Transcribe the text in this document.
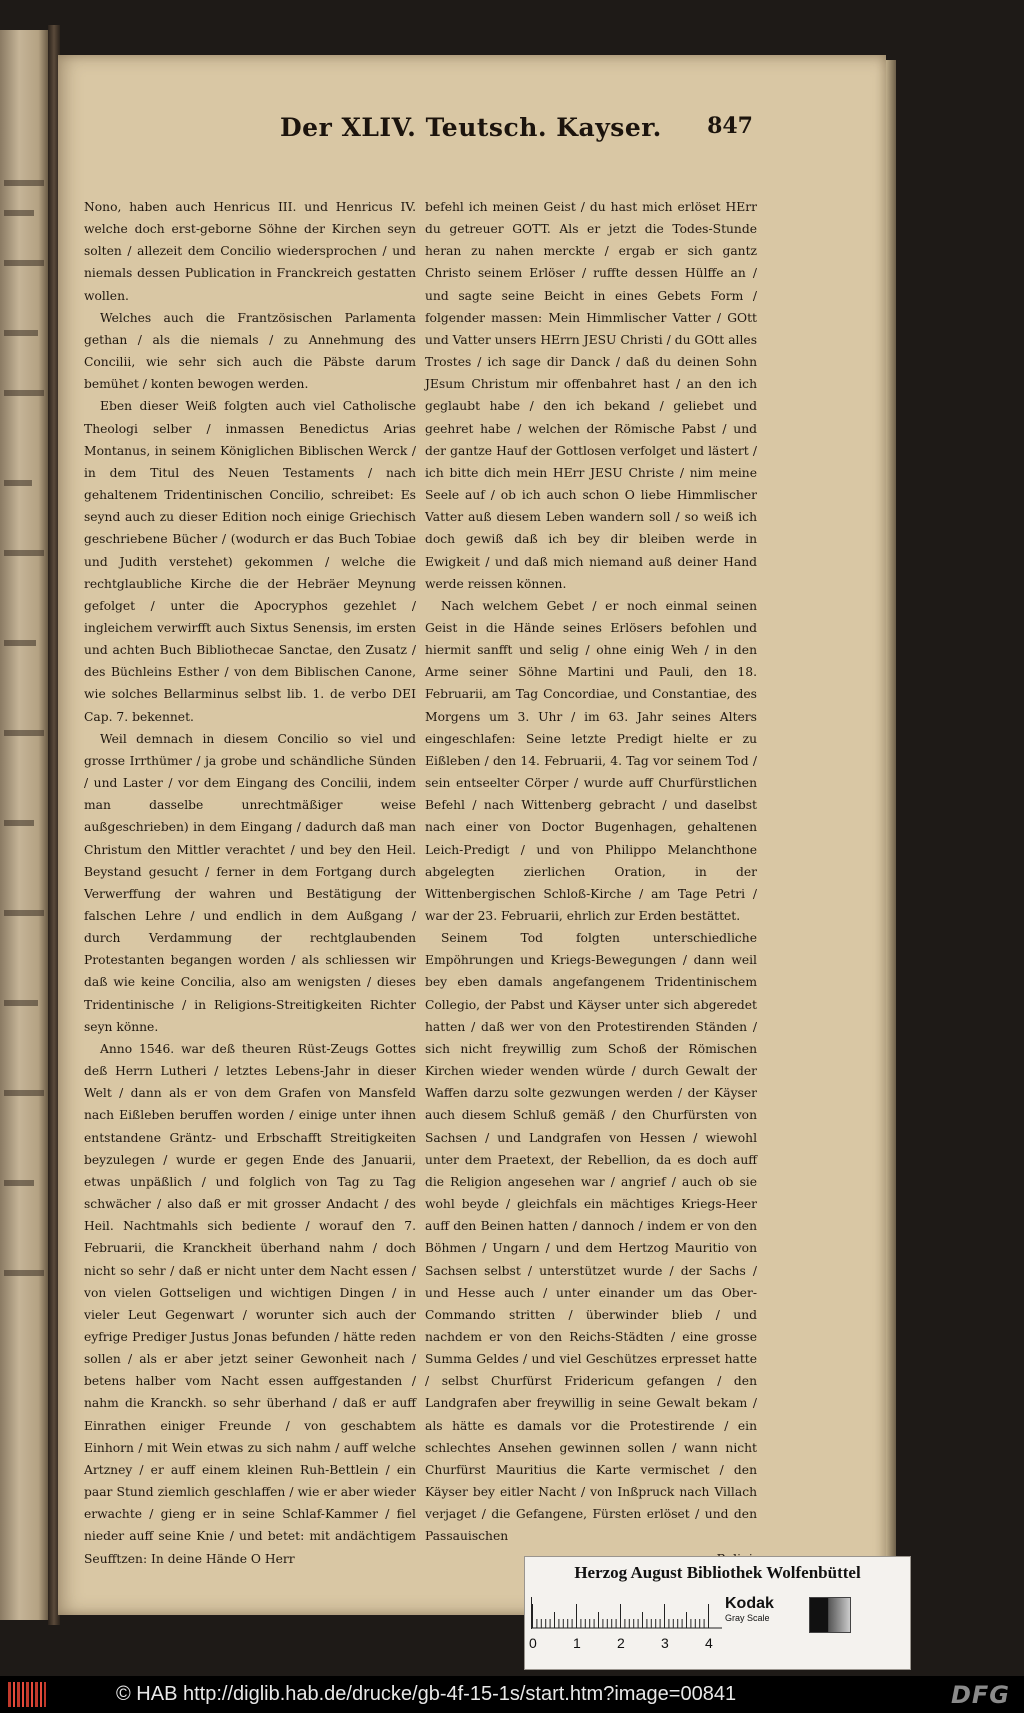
Der XLIV. Teutsch. Kayser. 847

Nono, haben auch Henricus III. und Henricus IV. welche doch erst-geborne Söhne der Kirchen seyn solten / allezeit dem Concilio wiedersprochen / und niemals dessen Publication in Franckreich gestatten wollen.

Welches auch die Frantzösischen Parlamenta gethan / als die niemals / zu Annehmung des Concilii, wie sehr sich auch die Päbste darum bemühet / konten bewogen werden.

Eben dieser Weiß folgten auch viel Catholische Theologi selber / inmassen Benedictus Arias Montanus, in seinem Königlichen Biblischen Werck / in dem Titul des Neuen Testaments / nach gehaltenem Tridentinischen Concilio, schreibet: Es seynd auch zu dieser Edition noch einige Griechisch geschriebene Bücher / (wodurch er das Buch Tobiae und Judith verstehet) gekommen / welche die rechtglaubliche Kirche die der Hebräer Meynung gefolget / unter die Apocryphos gezehlet / ingleichem verwirfft auch Sixtus Senensis, im ersten und achten Buch Bibliothecae Sanctae, den Zusatz / des Büchleins Esther / von dem Biblischen Canone, wie solches Bellarminus selbst lib. 1. de verbo DEI Cap. 7. bekennet.

Weil demnach in diesem Concilio so viel und grosse Irrthümer / ja grobe und schändliche Sünden / und Laster / vor dem Eingang des Concilii, indem man dasselbe unrechtmäßiger weise außgeschrieben) in dem Eingang / dadurch daß man Christum den Mittler verachtet / und bey den Heil. Beystand gesucht / ferner in dem Fortgang durch Verwerffung der wahren und Bestätigung der falschen Lehre / und endlich in dem Außgang / durch Verdammung der rechtglaubenden Protestanten begangen worden / als schliessen wir daß wie keine Concilia, also am wenigsten / dieses Tridentinische / in Religions-Streitigkeiten Richter seyn könne.

Anno 1546. war deß theuren Rüst-Zeugs Gottes deß Herrn Lutheri / letztes Lebens-Jahr in dieser Welt / dann als er von dem Grafen von Mansfeld nach Eißleben beruffen worden / einige unter ihnen entstandene Gräntz- und Erbschafft Streitigkeiten beyzulegen / wurde er gegen Ende des Januarii, etwas unpäßlich / und folglich von Tag zu Tag schwächer / also daß er mit grosser Andacht / des Heil. Nachtmahls sich bediente / worauf den 7. Februarii, die Kranckheit überhand nahm / doch nicht so sehr / daß er nicht unter dem Nacht essen / von vielen Gottseligen und wichtigen Dingen / in vieler Leut Gegenwart / worunter sich auch der eyfrige Prediger Justus Jonas befunden / hätte reden sollen / als er aber jetzt seiner Gewonheit nach / betens halber vom Nacht essen auffgestanden / nahm die Kranckh. so sehr überhand / daß er auff Einrathen einiger Freunde / von geschabtem Einhorn / mit Wein etwas zu sich nahm / auff welche Artzney / er auff einem kleinen Ruh-Bettlein / ein paar Stund ziemlich geschlaffen / wie er aber wieder erwachte / gieng er in seine Schlaf-Kammer / fiel nieder auff seine Knie / und betet: mit andächtigem Seufftzen: In deine Hände O Herr

befehl ich meinen Geist / du hast mich erlöset HErr du getreuer GOTT. Als er jetzt die Todes-Stunde heran zu nahen merckte / ergab er sich gantz Christo seinem Erlöser / ruffte dessen Hülffe an / und sagte seine Beicht in eines Gebets Form / folgender massen: Mein Himmlischer Vatter / GOtt und Vatter unsers HErrn JESU Christi / du GOtt alles Trostes / ich sage dir Danck / daß du deinen Sohn JEsum Christum mir offenbahret hast / an den ich geglaubt habe / den ich bekand / geliebet und geehret habe / welchen der Römische Pabst / und der gantze Hauf der Gottlosen verfolget und lästert / ich bitte dich mein HErr JESU Christe / nim meine Seele auf / ob ich auch schon O liebe Himmlischer Vatter auß diesem Leben wandern soll / so weiß ich doch gewiß daß ich bey dir bleiben werde in Ewigkeit / und daß mich niemand auß deiner Hand werde reissen können.

Nach welchem Gebet / er noch einmal seinen Geist in die Hände seines Erlösers befohlen und hiermit sanfft und selig / ohne einig Weh / in den Arme seiner Söhne Martini und Pauli, den 18. Februarii, am Tag Concordiae, und Constantiae, des Morgens um 3. Uhr / im 63. Jahr seines Alters eingeschlafen: Seine letzte Predigt hielte er zu Eißleben / den 14. Februarii, 4. Tag vor seinem Tod / sein entseelter Cörper / wurde auff Churfürstlichen Befehl / nach Wittenberg gebracht / und daselbst nach einer von Doctor Bugenhagen, gehaltenen Leich-Predigt / und von Philippo Melanchthone abgelegten zierlichen Oration, in der Wittenbergischen Schloß-Kirche / am Tage Petri / war der 23. Februarii, ehrlich zur Erden bestättet.

Seinem Tod folgten unterschiedliche Empöhrungen und Kriegs-Bewegungen / dann weil bey eben damals angefangenem Tridentinischem Collegio, der Pabst und Käyser unter sich abgeredet hatten / daß wer von den Protestirenden Ständen / sich nicht freywillig zum Schoß der Römischen Kirchen wieder wenden würde / durch Gewalt der Waffen darzu solte gezwungen werden / der Käyser auch diesem Schluß gemäß / den Churfürsten von Sachsen / und Landgrafen von Hessen / wiewohl unter dem Praetext, der Rebellion, da es doch auff die Religion angesehen war / angrief / auch ob sie wohl beyde / gleichfals ein mächtiges Kriegs-Heer auff den Beinen hatten / dannoch / indem er von den Böhmen / Ungarn / und dem Hertzog Mauritio von Sachsen selbst / unterstützet wurde / der Sachs / und Hesse auch / unter einander um das Ober-Commando stritten / überwinder blieb / und nachdem er von den Reichs-Städten / eine grosse Summa Geldes / und viel Geschützes erpresset hatte / selbst Churfürst Fridericum gefangen / den Landgrafen aber freywillig in seine Gewalt bekam / als hätte es damals vor die Protestirende / ein schlechtes Ansehen gewinnen sollen / wann nicht Churfürst Mauritius die Karte vermischet / den Käyser bey eitler Nacht / von Inßpruck nach Villach verjaget / die Gefangene, Fürsten erlöset / und den Passauischen

Herzog August Bibliothek Wolfenbüttel
0	1	2	3	4
Kodak
Gray Scale
© HAB http://diglib.hab.de/drucke/gb-4f-15-1s/start.htm?image=00841	DFG
